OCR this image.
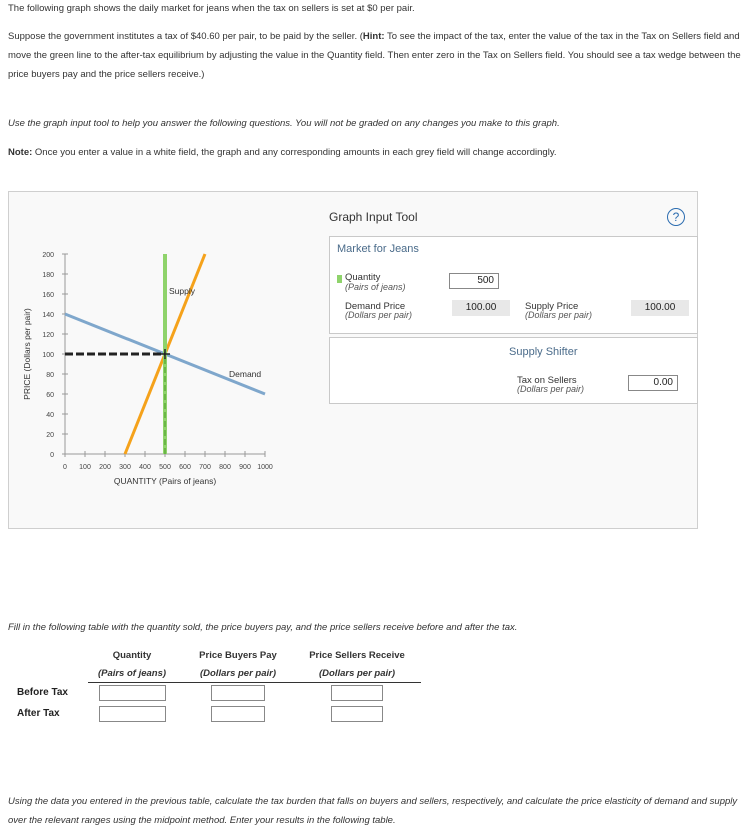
The following graph shows the daily market for jeans when the tax on sellers is set at $0 per pair.
Suppose the government institutes a tax of $40.60 per pair, to be paid by the seller. (Hint: To see the impact of the tax, enter the value of the tax in the Tax on Sellers field and move the green line to the after-tax equilibrium by adjusting the value in the Quantity field. Then enter zero in the Tax on Sellers field. You should see a tax wedge between the price buyers pay and the price sellers receive.)
Use the graph input tool to help you answer the following questions. You will not be graded on any changes you make to this graph.
Note: Once you enter a value in a white field, the graph and any corresponding amounts in each grey field will change accordingly.
0
20
40
60
80
100
120
140
160
180
200
0 100 200 300 400 500 600 700 800 900 1000
PRICE (Dollars per pair)
QUANTITY (Pairs of jeans)
Supply
Demand
Graph Input Tool	?
Market for Jeans
Quantity
(Pairs of jeans)
500
Demand Price
(Dollars per pair)
100.00	Supply Price
(Dollars per pair)
100.00
Supply Shifter
Tax on Sellers
(Dollars per pair)
0.00
Fill in the following table with the quantity sold, the price buyers pay, and the price sellers receive before and after the tax.
Quantity
(Pairs of jeans)
Price Buyers Pay
(Dollars per pair)
Price Sellers Receive
(Dollars per pair)
Before Tax
After Tax
Using the data you entered in the previous table, calculate the tax burden that falls on buyers and sellers, respectively, and calculate the price elasticity of demand and supply over the relevant ranges using the midpoint method. Enter your results in the following table.
